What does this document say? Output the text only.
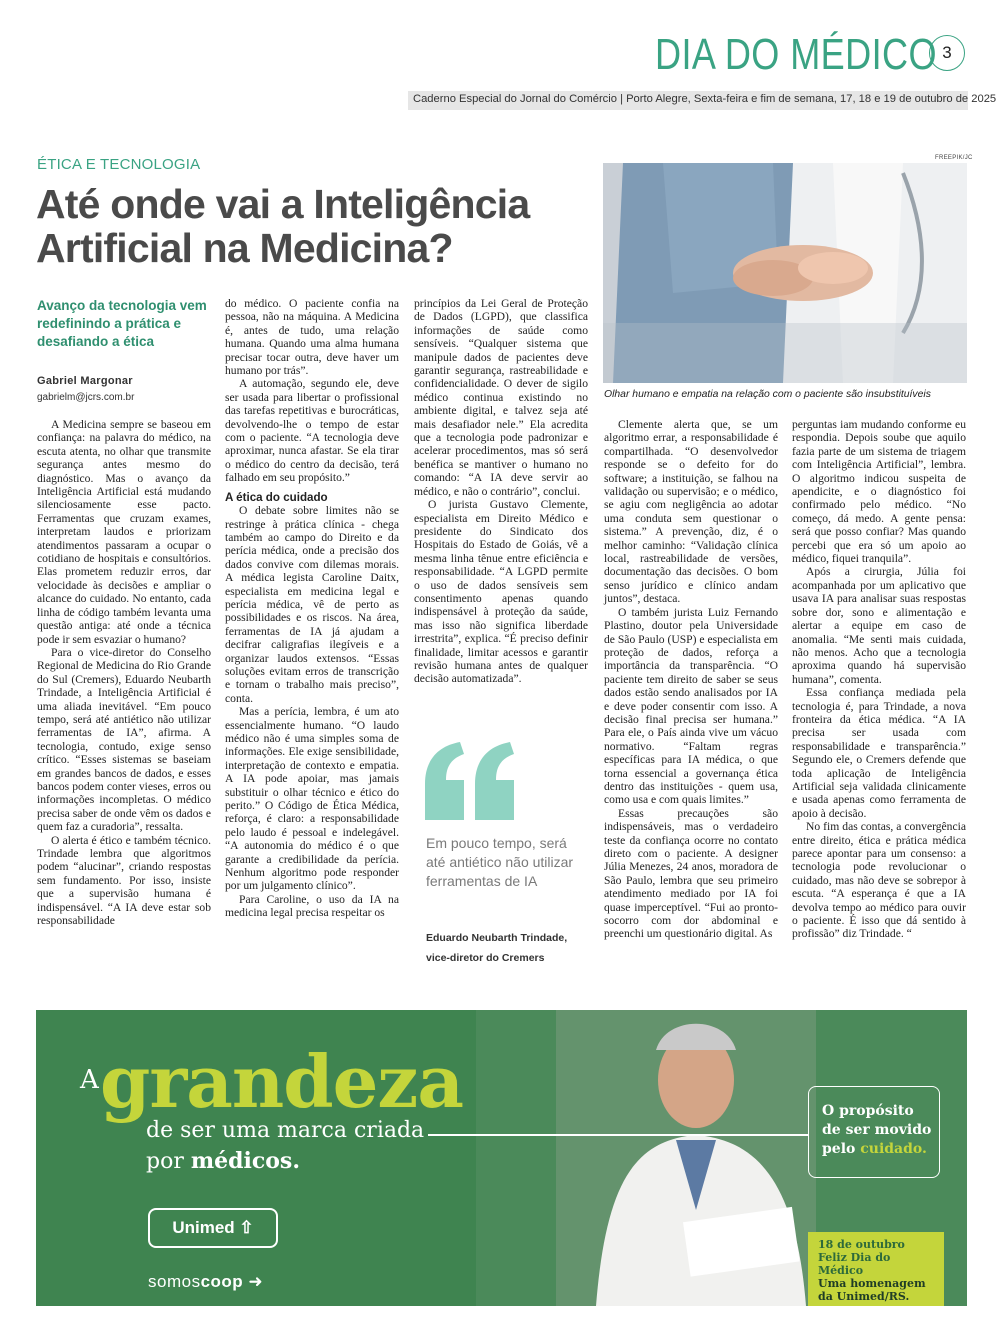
DIA DO MÉDICO 3
Caderno Especial do Jornal do Comércio | Porto Alegre, Sexta-feira e fim de semana, 17, 18 e 19 de outubro de 2025
ÉTICA E TECNOLOGIA
Até onde vai a Inteligência Artificial na Medicina?
Avanço da tecnologia vem redefinindo a prática e desafiando a ética
Gabriel Margonar
gabrielm@jcrs.com.br
FREEPIK/JC
Olhar humano e empatia na relação com o paciente são insubstituíveis

A Medicina sempre se baseou em confiança: na palavra do médico, na escuta atenta, no olhar que transmite segurança antes mesmo do diagnóstico. Mas o avanço da Inteligência Artificial está mudando silenciosamente esse pacto. Ferramentas que cruzam exames, interpretam laudos e priorizam atendimentos passaram a ocupar o cotidiano de hospitais e consultórios. Elas prometem reduzir erros, dar velocidade às decisões e ampliar o alcance do cuidado. No entanto, cada linha de código também levanta uma questão antiga: até onde a técnica pode ir sem esvaziar o humano?

Para o vice-diretor do Conselho Regional de Medicina do Rio Grande do Sul (Cremers), Eduardo Neubarth Trindade, a Inteligência Artificial é uma aliada inevitável. “Em pouco tempo, será até antiético não utilizar ferramentas de IA”, afirma. A tecnologia, contudo, exige senso crítico. “Esses sistemas se baseiam em grandes bancos de dados, e esses bancos podem conter vieses, erros ou informações incompletas. O médico precisa saber de onde vêm os dados e quem faz a curadoria”, ressalta.

O alerta é ético e também técnico. Trindade lembra que algoritmos podem “alucinar”, criando respostas sem fundamento. Por isso, insiste que a supervisão humana é indispensável. “A IA deve estar sob responsabilidade

do médico. O paciente confia na pessoa, não na máquina. A Medicina é, antes de tudo, uma relação humana. Quando uma alma humana precisar tocar outra, deve haver um humano por trás”.

A automação, segundo ele, deve ser usada para libertar o profissional das tarefas repetitivas e burocráticas, devolvendo-lhe o tempo de estar com o paciente. “A tecnologia deve aproximar, nunca afastar. Se ela tirar o médico do centro da decisão, terá falhado em seu propósito.”

A ética do cuidado

O debate sobre limites não se restringe à prática clínica - chega também ao campo do Direito e da perícia médica, onde a precisão dos dados convive com dilemas morais. A médica legista Caroline Daitx, especialista em medicina legal e perícia médica, vê de perto as possibilidades e os riscos. Na área, ferramentas de IA já ajudam a decifrar caligrafias ilegíveis e a organizar laudos extensos. “Essas soluções evitam erros de transcrição e tornam o trabalho mais preciso”, conta.

Mas a perícia, lembra, é um ato essencialmente humano. “O laudo médico não é uma simples soma de informações. Ele exige sensibilidade, interpretação de contexto e empatia. A IA pode apoiar, mas jamais substituir o olhar técnico e ético do perito.” O Código de Ética Médica, reforça, é claro: a responsabilidade pelo laudo é pessoal e indelegável. “A autonomia do médico é o que garante a credibilidade da perícia. Nenhum algoritmo pode responder por um julgamento clínico”.

Para Caroline, o uso da IA na medicina legal precisa respeitar os

princípios da Lei Geral de Proteção de Dados (LGPD), que classifica informações de saúde como sensíveis. “Qualquer sistema que manipule dados de pacientes deve garantir segurança, rastreabilidade e confidencialidade. O dever de sigilo médico continua existindo no ambiente digital, e talvez seja até mais desafiador nele.” Ela acredita que a tecnologia pode padronizar e acelerar procedimentos, mas só será benéfica se mantiver o humano no comando: “A IA deve servir ao médico, e não o contrário”, conclui.

O jurista Gustavo Clemente, especialista em Direito Médico e presidente do Sindicato dos Hospitais do Estado de Goiás, vê a mesma linha tênue entre eficiência e responsabilidade. “A LGPD permite o uso de dados sensíveis sem consentimento apenas quando indispensável à proteção da saúde, mas isso não significa liberdade irrestrita”, explica. “É preciso definir finalidade, limitar acessos e garantir revisão humana antes de qualquer decisão automatizada”.

Em pouco tempo, será até antiético não utilizar ferramentas de IA
Eduardo Neubarth Trindade,
vice-diretor do Cremers

Clemente alerta que, se um algoritmo errar, a responsabilidade é compartilhada. “O desenvolvedor responde se o defeito for do software; a instituição, se falhou na validação ou supervisão; e o médico, se agiu com negligência ao adotar uma conduta sem questionar o sistema.” A prevenção, diz, é o melhor caminho: “Validação clínica local, rastreabilidade de versões, documentação das decisões. O bom senso jurídico e clínico andam juntos”, destaca.

O também jurista Luiz Fernando Plastino, doutor pela Universidade de São Paulo (USP) e especialista em proteção de dados, reforça a importância da transparência. “O paciente tem direito de saber se seus dados estão sendo analisados por IA e deve poder consentir com isso. A decisão final precisa ser humana.” Para ele, o País ainda vive um vácuo normativo. “Faltam regras específicas para IA médica, o que torna essencial a governança ética dentro das instituições - quem usa, como usa e com quais limites.”

Essas precauções são indispensáveis, mas o verdadeiro teste da confiança ocorre no contato direto com o paciente. A designer Júlia Menezes, 24 anos, moradora de São Paulo, lembra que seu primeiro atendimento mediado por IA foi quase imperceptível. “Fui ao pronto-socorro com dor abdominal e preenchi um questionário digital. As

perguntas iam mudando conforme eu respondia. Depois soube que aquilo fazia parte de um sistema de triagem com Inteligência Artificial”, lembra. O algoritmo indicou suspeita de apendicite, e o diagnóstico foi confirmado pelo médico. “No começo, dá medo. A gente pensa: será que posso confiar? Mas quando percebi que era só um apoio ao médico, fiquei tranquila”.

Após a cirurgia, Júlia foi acompanhada por um aplicativo que usava IA para analisar suas respostas sobre dor, sono e alimentação e alertar a equipe em caso de anomalia. “Me senti mais cuidada, não menos. Acho que a tecnologia aproxima quando há supervisão humana”, comenta.

Essa confiança mediada pela tecnologia é, para Trindade, a nova fronteira da ética médica. “A IA precisa ser usada com responsabilidade e transparência.” Segundo ele, o Cremers defende que toda aplicação de Inteligência Artificial seja validada clinicamente e usada apenas como ferramenta de apoio à decisão.

No fim das contas, a convergência entre direito, ética e prática médica parece apontar para um consenso: a tecnologia pode revolucionar o cuidado, mas não deve se sobrepor à escuta. “A esperança é que a IA devolva tempo ao médico para ouvir o paciente. É isso que dá sentido à profissão” diz Trindade. “

A grandeza
de ser uma marca criada
por médicos.
O propósito
de ser movido
pelo cuidado.
Unimed ⇧
somoscoop ➜
18 de outubro
Feliz Dia do Médico
Uma homenagem
da Unimed/RS.
